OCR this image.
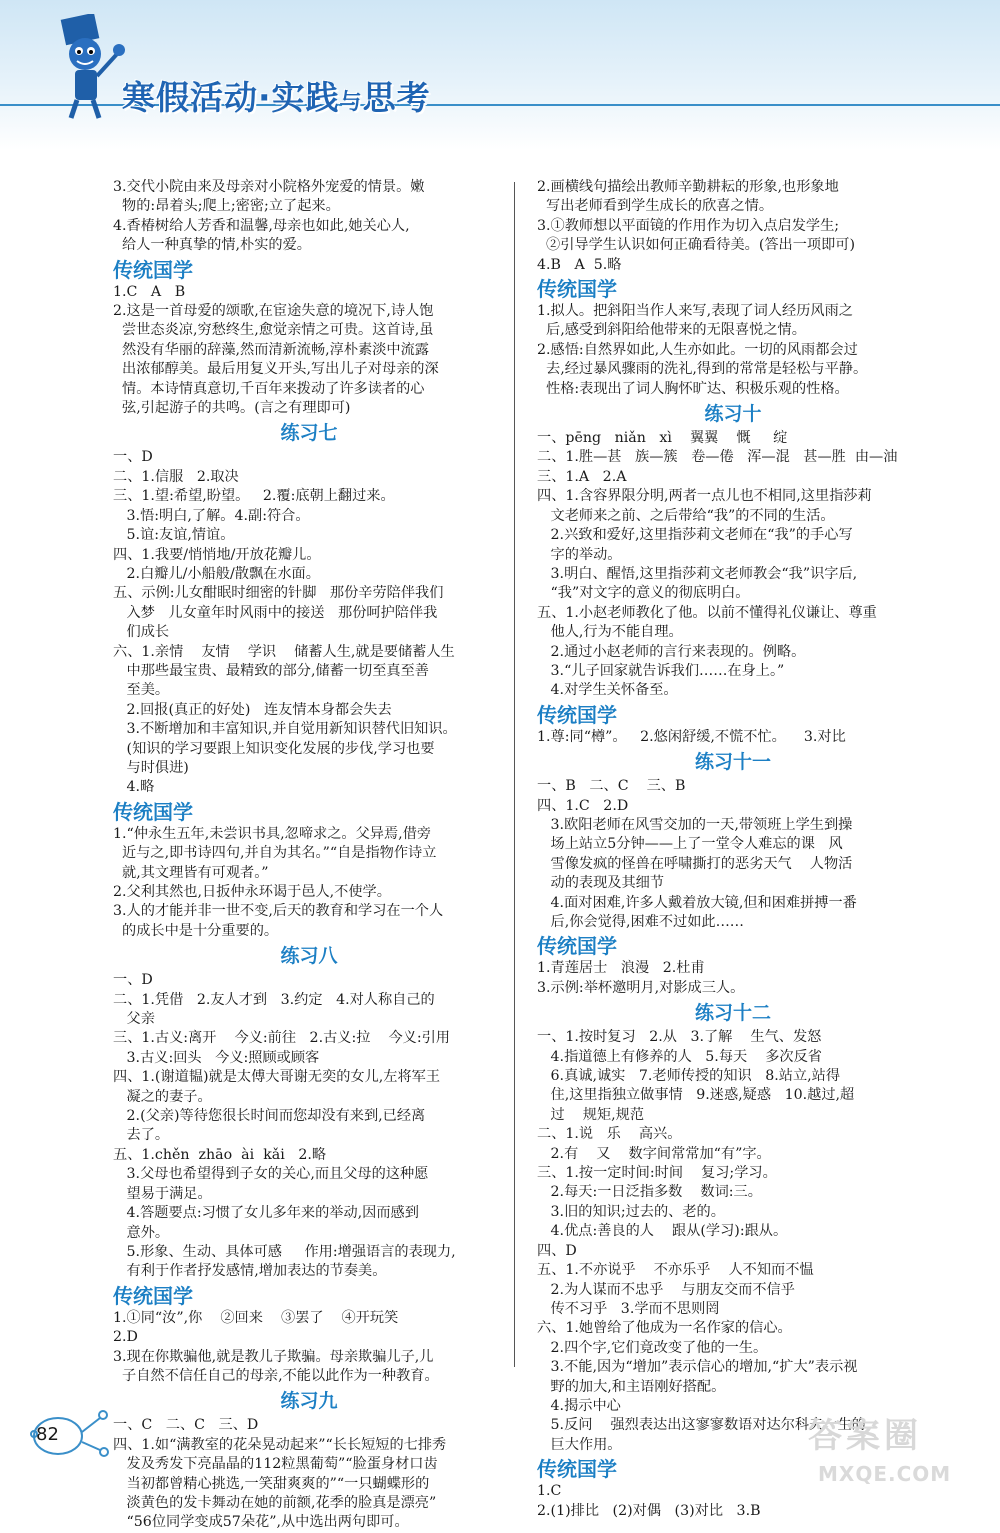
寒假活动·实践与思考
3.交代小院由来及母亲对小院格外宠爱的情景。嫩
物的:昂着头;爬上;密密;立了起来。
4.香椿树给人芳香和温馨,母亲也如此,她关心人,
给人一种真挚的情,朴实的爱。
传统国学
1.C   A   B
2.这是一首母爱的颂歌,在宦途失意的境况下,诗人饱
尝世态炎凉,穷愁终生,愈觉亲情之可贵。这首诗,虽
然没有华丽的辞藻,然而清新流畅,淳朴素淡中流露
出浓郁醇美。最后用复义开头,写出儿子对母亲的深
情。本诗情真意切,千百年来拨动了许多读者的心
弦,引起游子的共鸣。(言之有理即可)
练习七
一、D
二、1.信服   2.取决
三、1.望:希望,盼望。   2.覆:底朝上翻过来。
3.悟:明白,了解。4.副:符合。
5.谊:友谊,情谊。
四、1.我要/悄悄地/开放花瓣儿。
2.白瓣儿/小船般/散飘在水面。
五、示例:儿女酣眠时细密的针脚   那份辛劳陪伴我们
入梦   儿女童年时风雨中的接送   那份呵护陪伴我
们成长
六、1.亲情    友情    学识    储蓄人生,就是要储蓄人生
中那些最宝贵、最精致的部分,储蓄一切至真至善
至美。
2.回报(真正的好处)   连友情本身都会失去
3.不断增加和丰富知识,并自觉用新知识替代旧知识。
(知识的学习要跟上知识变化发展的步伐,学习也要
与时俱进)
4.略
传统国学
1.“仲永生五年,未尝识书具,忽啼求之。父异焉,借旁
近与之,即书诗四句,并自为其名。”“自是指物作诗立
就,其文理皆有可观者。”
2.父利其然也,日扳仲永环谒于邑人,不使学。
3.人的才能并非一世不变,后天的教育和学习在一个人
的成长中是十分重要的。
练习八
一、D
二、1.凭借   2.友人才到   3.约定   4.对人称自己的
父亲
三、1.古义:离开    今义:前往   2.古义:拉    今义:引用
3.古义:回头   今义:照顾或顾客
四、1.(谢道韫)就是太傅大哥谢无奕的女儿,左将军王
凝之的妻子。
2.(父亲)等待您很长时间而您却没有来到,已经离
去了。
五、1.chěn  zhāo  ài  kǎi   2.略
3.父母也希望得到子女的关心,而且父母的这种愿
望易于满足。
4.答题要点:习惯了女儿多年来的举动,因而感到
意外。
5.形象、生动、具体可感     作用:增强语言的表现力,
有利于作者抒发感情,增加表达的节奏美。
传统国学
1.①同“汝”,你    ②回来    ③罢了    ④开玩笑
2.D
3.现在你欺骗他,就是教儿子欺骗。母亲欺骗儿子,儿
子自然不信任自己的母亲,不能以此作为一种教育。
练习九
一、C   二、C   三、D
四、1.如“满教室的花朵晃动起来”“长长短短的七排秀
发及秀发下亮晶晶的112粒黑葡萄”“脸蛋身材口齿
当初都曾精心挑选,一笑甜爽爽的”“一只蝴蝶形的
淡黄色的发卡舞动在她的前额,花季的脸真是漂亮”
“56位同学变成57朵花”,从中选出两句即可。
2.画横线句描绘出教师辛勤耕耘的形象,也形象地
写出老师看到学生成长的欣喜之情。
3.①教师想以平面镜的作用作为切入点启发学生;
②引导学生认识如何正确看待美。(答出一项即可)
4.B   A  5.略
传统国学
1.拟人。把斜阳当作人来写,表现了词人经历风雨之
后,感受到斜阳给他带来的无限喜悦之情。
2.感悟:自然界如此,人生亦如此。一切的风雨都会过
去,经过暴风骤雨的洗礼,得到的常常是轻松与平静。
性格:表现出了词人胸怀旷达、积极乐观的性格。
练习十
一、pēng   niǎn   xì    翼翼    慨     绽
二、1.胜—甚   族—簇   卷—倦   浑—混   甚—胜  由—油
三、1.A   2.A
四、1.含容界限分明,两者一点儿也不相同,这里指莎莉
文老师来之前、之后带给“我”的不同的生活。
2.兴致和爱好,这里指莎莉文老师在“我”的手心写
字的举动。
3.明白、醒悟,这里指莎莉文老师教会“我”识字后,
“我”对文字的意义的彻底明白。
五、1.小赵老师教化了他。以前不懂得礼仪谦让、尊重
他人,行为不能自理。
2.通过小赵老师的言行来表现的。例略。
3.“儿子回家就告诉我们……在身上。”
4.对学生关怀备至。
传统国学
1.尊:同“樽”。   2.悠闲舒缓,不慌不忙。    3.对比
练习十一
一、B   二、C    三、B
四、1.C   2.D
3.欧阳老师在风雪交加的一天,带领班上学生到操
场上站立5分钟——上了一堂令人难忘的课   风
雪像发疯的怪兽在呼啸撕打的恶劣天气    人物活
动的表现及其细节
4.面对困难,许多人戴着放大镜,但和困难拼搏一番
后,你会觉得,困难不过如此……
传统国学
1.青莲居士   浪漫   2.杜甫
3.示例:举杯邀明月,对影成三人。
练习十二
一、1.按时复习   2.从   3.了解    生气、发怒
4.指道德上有修养的人   5.每天    多次反省
6.真诚,诚实   7.老师传授的知识   8.站立,站得
住,这里指独立做事情   9.迷惑,疑惑   10.越过,超
过    规矩,规范
二、1.说   乐    高兴。
2.有    又    数字间常常加“有”字。
三、1.按一定时间:时间    复习;学习。
2.每天:一日泛指多数    数词:三。
3.旧的知识;过去的、老的。
4.优点:善良的人    跟从(学习):跟从。
四、D
五、1.不亦说乎    不亦乐乎    人不知而不愠
2.为人谋而不忠乎    与朋友交而不信乎
传不习乎   3.学而不思则罔
六、1.她曾给了他成为一名作家的信心。
2.四个字,它们竟改变了他的一生。
3.不能,因为“增加”表示信心的增加,“扩大”表示视
野的加大,和主语刚好搭配。
4.揭示中心
5.反问    强烈表达出这寥寥数语对达尔科夫一生的
巨大作用。
传统国学
1.C
2.(1)排比   (2)对偶   (3)对比   3.B
82	答案圈
MXQE.COM
